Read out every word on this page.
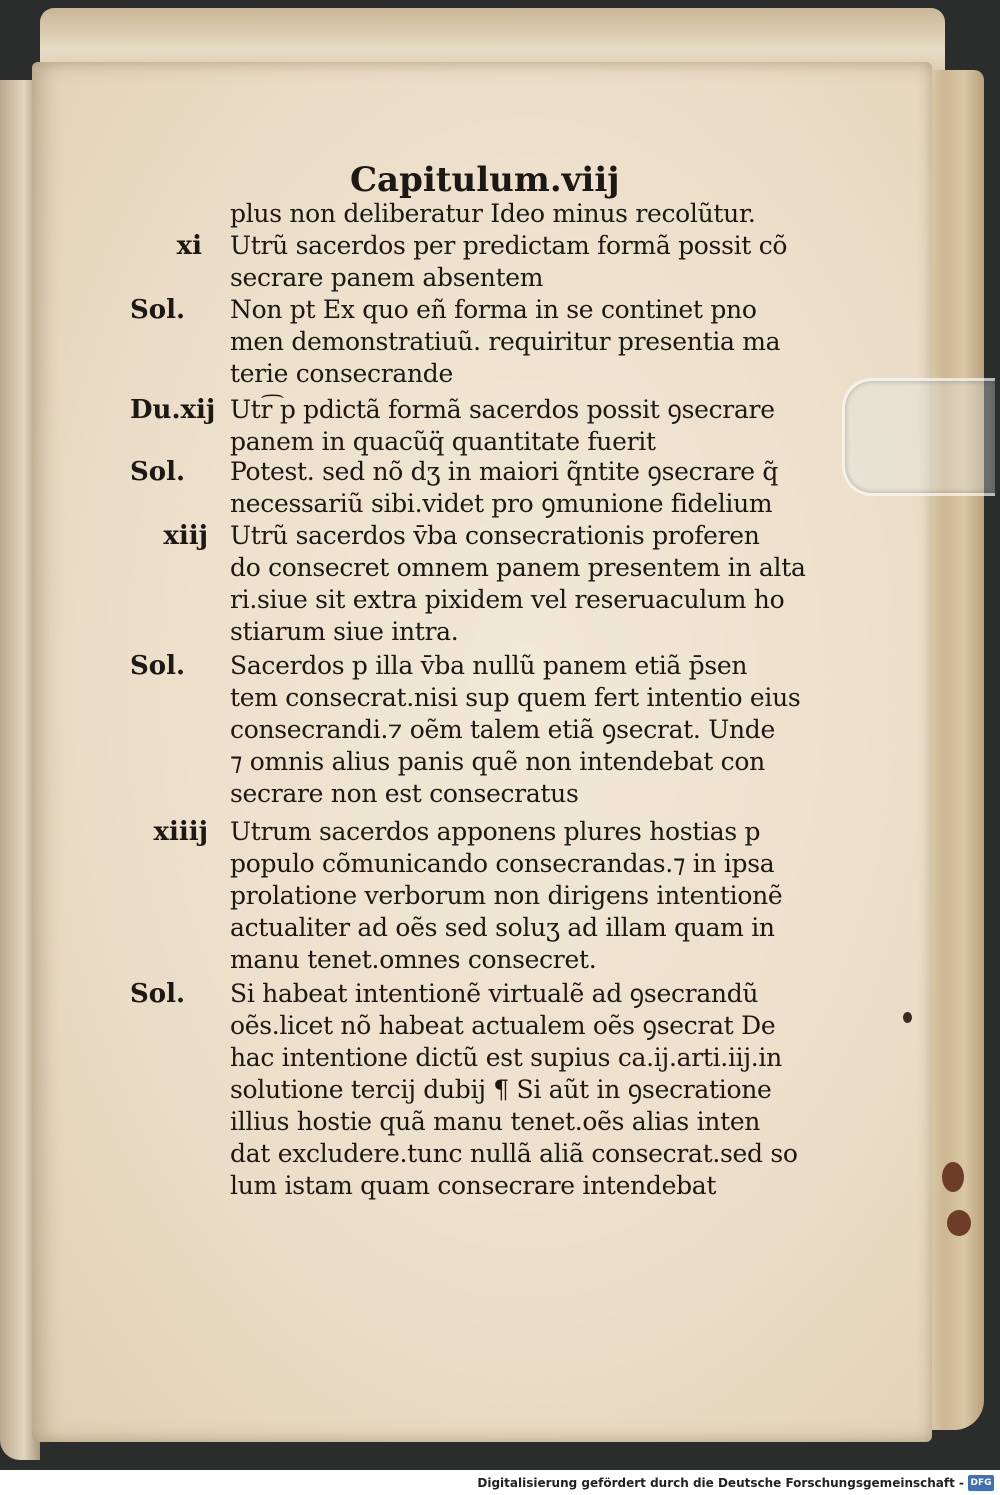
Capitulum.viij
plus non deliberatur Ideo minus recolũtur.
xi Utrũ sacerdos per predictam formã possit cõ
secrare panem absentem
Sol.	Non pt Ex quo eñ forma in se continet pno
men demonstratiuũ. requiritur presentia ma
terie consecrande
Du.xij Utr͡ p pdictã formã sacerdos possit ꝯsecrare
panem in quacũq̈ quantitate fuerit
Sol.	Potest. sed nõ dʒ in maiori q̃ntite ꝯsecrare q̃
necessariũ sibi.videt pro ꝯmunione fidelium
xiij Utrũ sacerdos v̄ba consecrationis proferen
do consecret omnem panem presentem in alta
ri.siue sit extra pixidem vel reseruaculum ho
stiarum siue intra.
Sol.	Sacerdos p illa v̄ba nullũ panem etiã p̄sen
tem consecrat.nisi sup quem fert intentio eius
consecrandi.⁊ oẽm talem etiã ꝯsecrat. Unde
⁊ omnis alius panis quẽ non intendebat con
secrare non est consecratus
xiiij Utrum sacerdos apponens plures hostias p
populo cõmunicando consecrandas.⁊ in ipsa
prolatione verborum non dirigens intentionẽ
actualiter ad oẽs sed soluʒ ad illam quam in
manu tenet.omnes consecret.
Sol.	Si habeat intentionẽ virtualẽ ad ꝯsecrandũ
oẽs.licet nõ habeat actualem oẽs ꝯsecrat De
hac intentione dictũ est supius ca.ij.arti.iij.in
solutione tercij dubij ¶ Si aũt in ꝯsecratione
illius hostie quã manu tenet.oẽs alias inten
dat excludere.tunc nullã aliã consecrat.sed so
lum istam quam consecrare intendebat
Digitalisierung gefördert durch die Deutsche Forschungsgemeinschaft - DFG
